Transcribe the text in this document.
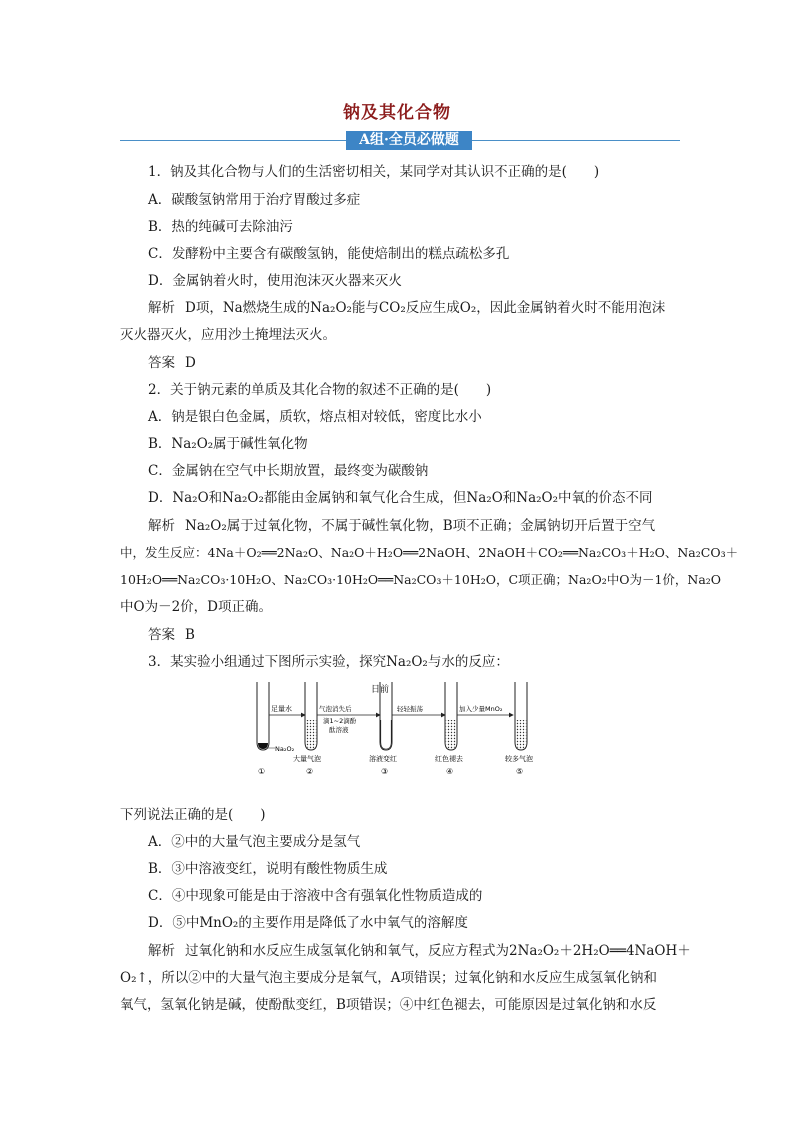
钠及其化合物
A组·全员必做题
1．钠及其化合物与人们的生活密切相关，某同学对其认识不正确的是(　　)
A．碳酸氢钠常用于治疗胃酸过多症
B．热的纯碱可去除油污
C．发酵粉中主要含有碳酸氢钠，能使焙制出的糕点疏松多孔
D．金属钠着火时，使用泡沫灭火器来灭火
解析 D项，Na燃烧生成的Na₂O₂能与CO₂反应生成O₂，因此金属钠着火时不能用泡沫
灭火器灭火，应用沙土掩埋法灭火。
答案 D
2．关于钠元素的单质及其化合物的叙述不正确的是(　　)
A．钠是银白色金属，质软，熔点相对较低，密度比水小
B．Na₂O₂属于碱性氧化物
C．金属钠在空气中长期放置，最终变为碳酸钠
D．Na₂O和Na₂O₂都能由金属钠和氧气化合生成，但Na₂O和Na₂O₂中氧的价态不同
解析 Na₂O₂属于过氧化物，不属于碱性氧化物，B项不正确；金属钠切开后置于空气
中，发生反应：4Na＋O₂══2Na₂O、Na₂O＋H₂O══2NaOH、2NaOH＋CO₂══Na₂CO₃＋H₂O、Na₂CO₃＋
10H₂O══Na₂CO₃·10H₂O、Na₂CO₃·10H₂O══Na₂CO₃＋10H₂O，C项正确；Na₂O₂中O为－1价，Na₂O
中O为－2价，D项正确。
答案 B
3．某实验小组通过下图所示实验，探究Na₂O₂与水的反应：
足量水
Na₂O₂
气泡消失后
滴1~2滴酚
酞溶液
日前
轻轻振荡	加入少量MnO₂
①
大量气泡
②
溶液变红
③
红色褪去
④
较多气泡
⑤
下列说法正确的是(　　)
A．②中的大量气泡主要成分是氢气
B．③中溶液变红，说明有酸性物质生成
C．④中现象可能是由于溶液中含有强氧化性物质造成的
D．⑤中MnO₂的主要作用是降低了水中氧气的溶解度
解析 过氧化钠和水反应生成氢氧化钠和氧气，反应方程式为2Na₂O₂＋2H₂O══4NaOH＋
O₂↑，所以②中的大量气泡主要成分是氧气，A项错误；过氧化钠和水反应生成氢氧化钠和
氧气，氢氧化钠是碱，使酚酞变红，B项错误；④中红色褪去，可能原因是过氧化钠和水反
